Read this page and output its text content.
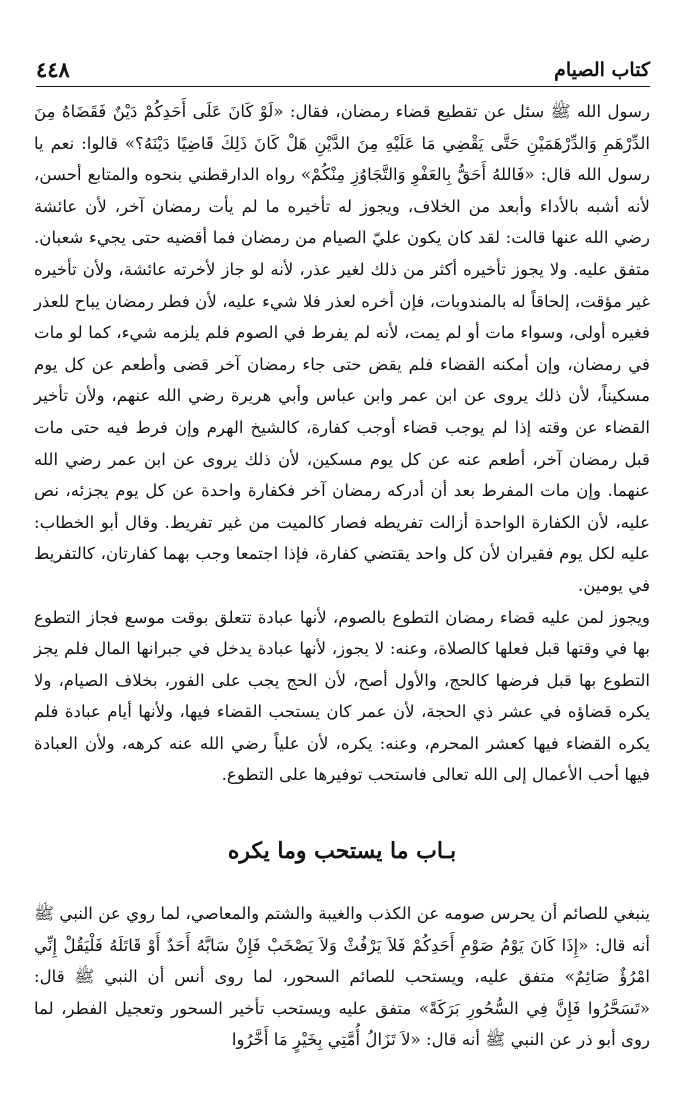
كتاب الصيام
٤٤٨

رسول الله ﷺ سئل عن تقطيع قضاء رمضان، فقال: «لَوْ كَانَ عَلَى أَحَدِكُمْ دَيْنٌ فَقَضَاهُ مِنَ الدِّرْهَمِ وَالدِّرْهَمَيْنِ حَتَّى يَقْضِي مَا عَلَيْهِ مِنَ الدَّيْنِ هَلْ كَانَ ذَلِكَ قَاضِيًا دَيْنَهُ؟» قالوا: نعم يا رسول الله قال: «فَاللهُ أَحَقُّ بِالعَفْوِ وَالتَّجَاوُزِ مِنْكُمْ» رواه الدارقطني بنحوه والمتابع أحسن، لأنه أشبه بالأداء وأبعد من الخلاف، ويجوز له تأخيره ما لم يأت رمضان آخر، لأن عائشة رضي الله عنها قالت: لقد كان يكون عليّ الصيام من رمضان فما أقضيه حتى يجيء شعبان. متفق عليه. ولا يجوز تأخيره أكثر من ذلك لغير عذر، لأنه لو جاز لأخرته عائشة، ولأن تأخيره غير مؤقت، إلحاقاً له بالمندوبات، فإن أخره لعذر فلا شيء عليه، لأن فطر رمضان يباح للعذر فغيره أولى، وسواء مات أو لم يمت، لأنه لم يفرط في الصوم فلم يلزمه شيء، كما لو مات في رمضان، وإن أمكنه القضاء فلم يقض حتى جاء رمضان آخر قضى وأطعم عن كل يوم مسكيناً، لأن ذلك يروى عن ابن عمر وابن عباس وأبي هريرة رضي الله عنهم، ولأن تأخير القضاء عن وقته إذا لم يوجب قضاء أوجب كفارة، كالشيخ الهرم وإن فرط فيه حتى مات قبل رمضان آخر، أطعم عنه عن كل يوم مسكين، لأن ذلك يروى عن ابن عمر رضي الله عنهما. وإن مات المفرط بعد أن أدركه رمضان آخر فكفارة واحدة عن كل يوم يجزئه، نص عليه، لأن الكفارة الواحدة أزالت تفريطه فصار كالميت من غير تفريط. وقال أبو الخطاب: عليه لكل يوم فقيران لأن كل واحد يقتضي كفارة، فإذا اجتمعا وجب بهما كفارتان، كالتفريط في يومين.

ويجوز لمن عليه قضاء رمضان التطوع بالصوم، لأنها عبادة تتعلق بوقت موسع فجاز التطوع بها في وقتها قبل فعلها كالصلاة، وعنه: لا يجوز، لأنها عبادة يدخل في جبرانها المال فلم يجز التطوع بها قبل فرضها كالحج، والأول أصح، لأن الحج يجب على الفور، بخلاف الصيام، ولا يكره قضاؤه في عشر ذي الحجة، لأن عمر كان يستحب القضاء فيها، ولأنها أيام عبادة فلم يكره القضاء فيها كعشر المحرم، وعنه: يكره، لأن علياً رضي الله عنه كرهه، ولأن العبادة فيها أحب الأعمال إلى الله تعالى فاستحب توفيرها على التطوع.

بـاب ما يستحب وما يكره

ينبغي للصائم أن يحرس صومه عن الكذب والغيبة والشتم والمعاصي، لما روي عن النبي ﷺ أنه قال: «إِذَا كَانَ يَوْمُ صَوْمِ أَحَدِكُمْ فَلاَ يَرْفُثْ وَلاَ يَصْخَبْ فَإِنْ سَابَّهُ أَحَدٌ أَوْ قَاتَلَهُ فَلْيَقُلْ إِنِّي امْرُؤٌ صَائِمٌ» متفق عليه، ويستحب للصائم السحور، لما روى أنس أن النبي ﷺ قال: «تَسَحَّرُوا فَإِنَّ فِي السُّحُورِ بَرَكَةً» متفق عليه ويستحب تأخير السحور وتعجيل الفطر، لما روى أبو ذر عن النبي ﷺ أنه قال: «لاَ تَزَالُ أُمَّتِي بِخَيْرٍ مَا أَخَّرُوا
